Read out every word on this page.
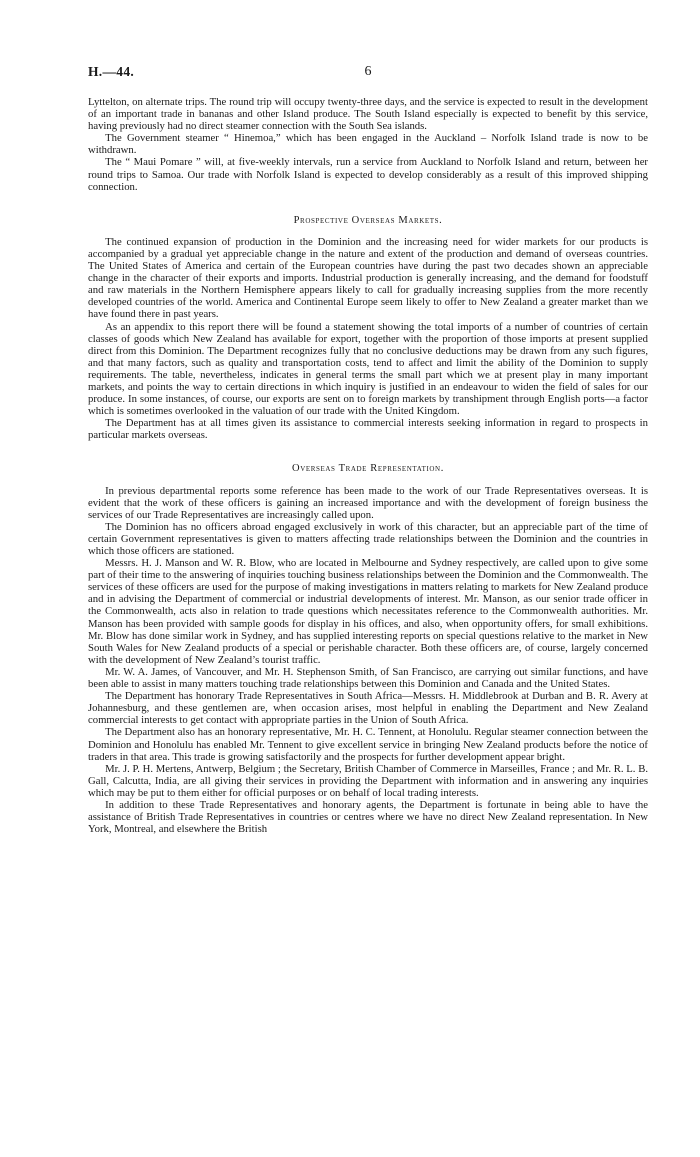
H.—44.	6

Lyttelton, on alternate trips. The round trip will occupy twenty-three days, and the service is expected to result in the development of an important trade in bananas and other Island produce. The South Island especially is expected to benefit by this service, having previously had no direct steamer connection with the South Sea islands.

The Government steamer “ Hinemoa,” which has been engaged in the Auckland – Norfolk Island trade is now to be withdrawn.

The “ Maui Pomare ” will, at five-weekly intervals, run a service from Auckland to Norfolk Island and return, between her round trips to Samoa. Our trade with Norfolk Island is expected to develop considerably as a result of this improved shipping connection.

Prospective Overseas Markets.

The continued expansion of production in the Dominion and the increasing need for wider markets for our products is accompanied by a gradual yet appreciable change in the nature and extent of the production and demand of overseas countries. The United States of America and certain of the European countries have during the past two decades shown an appreciable change in the character of their exports and imports. Industrial production is generally increasing, and the demand for foodstuff and raw materials in the Northern Hemisphere appears likely to call for gradually increasing supplies from the more recently developed countries of the world. America and Continental Europe seem likely to offer to New Zealand a greater market than we have found there in past years.

As an appendix to this report there will be found a statement showing the total imports of a number of countries of certain classes of goods which New Zealand has available for export, together with the proportion of those imports at present supplied direct from this Dominion. The Department recognizes fully that no conclusive deductions may be drawn from any such figures, and that many factors, such as quality and transportation costs, tend to affect and limit the ability of the Dominion to supply requirements. The table, nevertheless, indicates in general terms the small part which we at present play in many important markets, and points the way to certain directions in which inquiry is justified in an endeavour to widen the field of sales for our produce. In some instances, of course, our exports are sent on to foreign markets by transhipment through English ports—a factor which is sometimes overlooked in the valuation of our trade with the United Kingdom.

The Department has at all times given its assistance to commercial interests seeking information in regard to prospects in particular markets overseas.

Overseas Trade Representation.

In previous departmental reports some reference has been made to the work of our Trade Representatives overseas. It is evident that the work of these officers is gaining an increased importance and with the development of foreign business the services of our Trade Representatives are increasingly called upon.

The Dominion has no officers abroad engaged exclusively in work of this character, but an appreciable part of the time of certain Government representatives is given to matters affecting trade relationships between the Dominion and the countries in which those officers are stationed.

Messrs. H. J. Manson and W. R. Blow, who are located in Melbourne and Sydney respectively, are called upon to give some part of their time to the answering of inquiries touching business relationships between the Dominion and the Commonwealth. The services of these officers are used for the purpose of making investigations in matters relating to markets for New Zealand produce and in advising the Department of commercial or industrial developments of interest. Mr. Manson, as our senior trade officer in the Commonwealth, acts also in relation to trade questions which necessitates reference to the Commonwealth authorities. Mr. Manson has been provided with sample goods for display in his offices, and also, when opportunity offers, for small exhibitions. Mr. Blow has done similar work in Sydney, and has supplied interesting reports on special questions relative to the market in New South Wales for New Zealand products of a special or perishable character. Both these officers are, of course, largely concerned with the development of New Zealand’s tourist traffic.

Mr. W. A. James, of Vancouver, and Mr. H. Stephenson Smith, of San Francisco, are carrying out similar functions, and have been able to assist in many matters touching trade relationships between this Dominion and Canada and the United States.

The Department has honorary Trade Representatives in South Africa—Messrs. H. Middlebrook at Durban and B. R. Avery at Johannesburg, and these gentlemen are, when occasion arises, most helpful in enabling the Department and New Zealand commercial interests to get contact with appropriate parties in the Union of South Africa.

The Department also has an honorary representative, Mr. H. C. Tennent, at Honolulu. Regular steamer connection between the Dominion and Honolulu has enabled Mr. Tennent to give excellent service in bringing New Zealand products before the notice of traders in that area. This trade is growing satisfactorily and the prospects for further development appear bright.

Mr. J. P. H. Mertens, Antwerp, Belgium ; the Secretary, British Chamber of Commerce in Marseilles, France ; and Mr. R. L. B. Gall, Calcutta, India, are all giving their services in providing the Department with information and in answering any inquiries which may be put to them either for official purposes or on behalf of local trading interests.

In addition to these Trade Representatives and honorary agents, the Department is fortunate in being able to have the assistance of British Trade Representatives in countries or centres where we have no direct New Zealand representation. In New York, Montreal, and elsewhere the British
